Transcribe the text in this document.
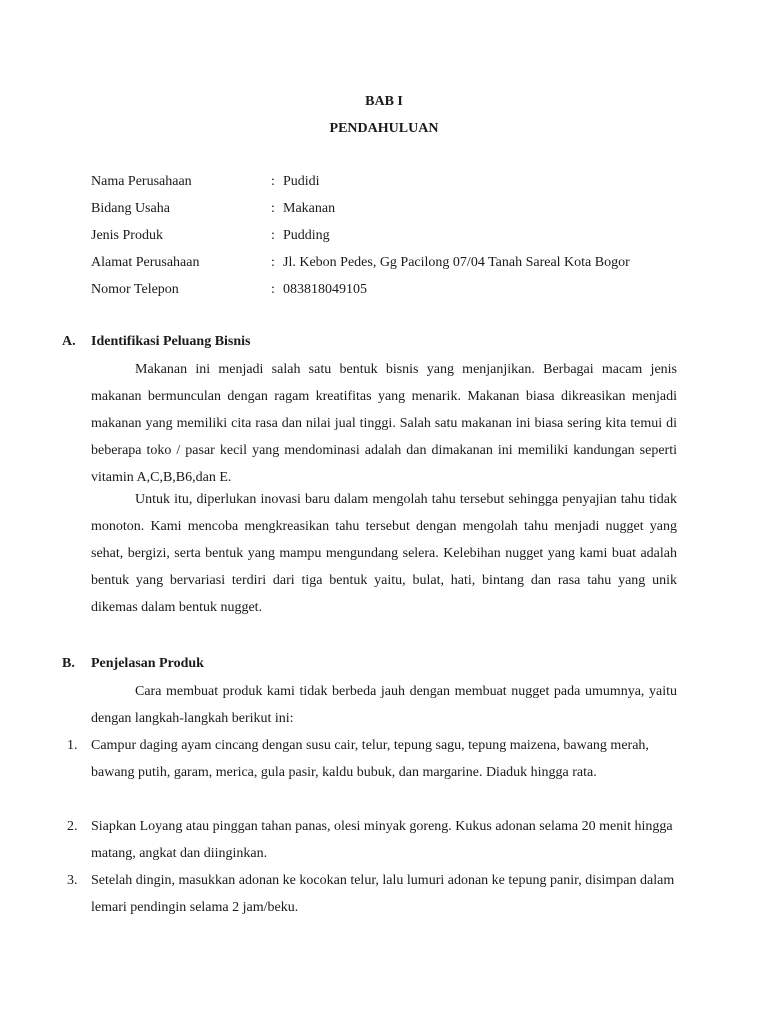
BAB I
PENDAHULUAN
Nama Perusahaan	: Pudidi
Bidang Usaha	: Makanan
Jenis Produk	: Pudding
Alamat Perusahaan	: Jl. Kebon Pedes, Gg Pacilong 07/04 Tanah Sareal Kota Bogor
Nomor Telepon	: 083818049105
A. Identifikasi Peluang Bisnis

Makanan ini menjadi salah satu bentuk bisnis yang menjanjikan. Berbagai macam jenis makanan bermunculan dengan ragam kreatifitas yang menarik. Makanan biasa dikreasikan menjadi makanan yang memiliki cita rasa dan nilai jual tinggi. Salah satu makanan ini biasa sering kita temui di beberapa toko / pasar kecil yang mendominasi adalah dan dimakanan ini memiliki kandungan seperti vitamin A,C,B,B6,dan E.

Untuk itu, diperlukan inovasi baru dalam mengolah tahu tersebut sehingga penyajian tahu tidak monoton. Kami mencoba mengkreasikan tahu tersebut dengan mengolah tahu menjadi nugget yang sehat, bergizi, serta bentuk yang mampu mengundang selera. Kelebihan nugget yang kami buat adalah bentuk yang bervariasi terdiri dari tiga bentuk yaitu, bulat, hati, bintang dan rasa tahu yang unik dikemas dalam bentuk nugget.

B. Penjelasan Produk

Cara membuat produk kami tidak berbeda jauh dengan membuat nugget pada umumnya, yaitu dengan langkah-langkah berikut ini:

1. Campur daging ayam cincang dengan susu cair, telur, tepung sagu, tepung maizena, bawang merah, bawang putih, garam, merica, gula pasir, kaldu bubuk, dan margarine. Diaduk hingga rata.
2. Siapkan Loyang atau pinggan tahan panas, olesi minyak goreng. Kukus adonan selama 20 menit hingga matang, angkat dan diinginkan.
3. Setelah dingin, masukkan adonan ke kocokan telur, lalu lumuri adonan ke tepung panir, disimpan dalam lemari pendingin selama 2 jam/beku.
